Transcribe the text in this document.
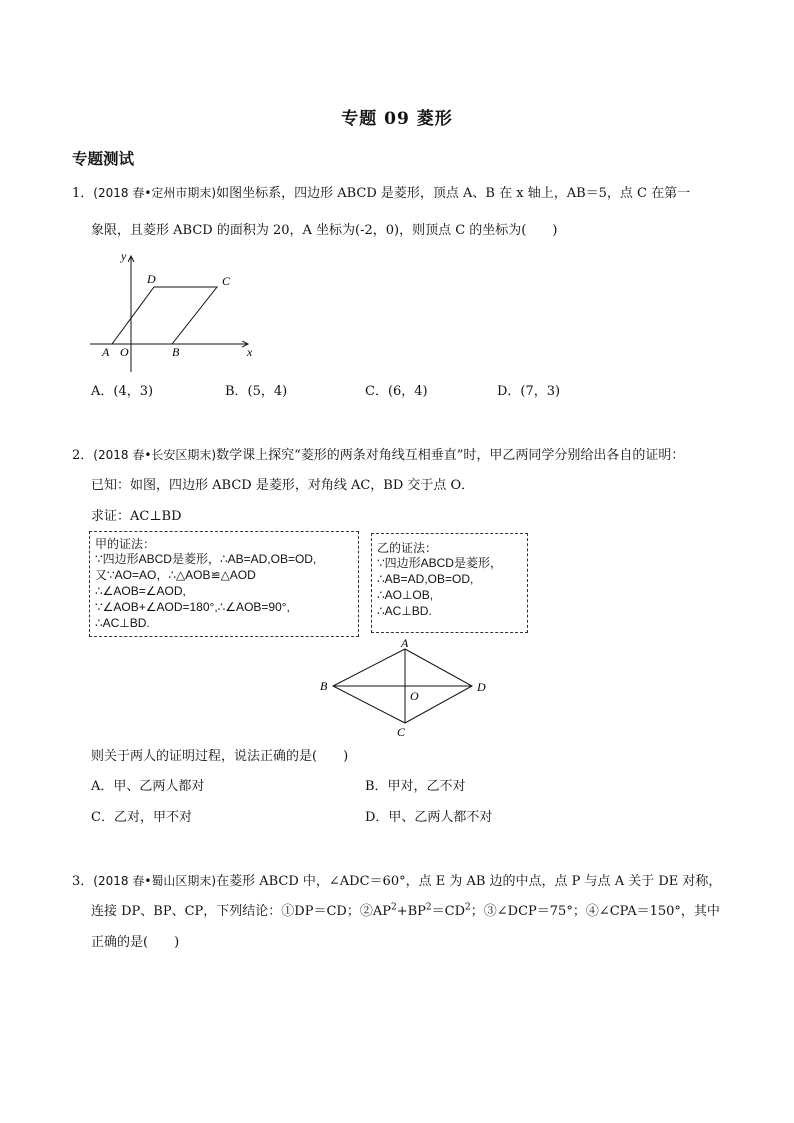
专题 09 菱形
专题测试
1．(2018 春•定州市期末)如图坐标系，四边形 ABCD 是菱形，顶点 A、B 在 x 轴上，AB＝5，点 C 在第一
象限，且菱形 ABCD 的面积为 20，A 坐标为(-2，0)，则顶点 C 的坐标为(　　)
y
x
D	C
A O	B
A．(4，3)	B．(5，4)	C．(6，4)	D．(7，3)
2．(2018 春•长安区期末)数学课上探究“菱形的两条对角线互相垂直”时，甲乙两同学分别给出各自的证明：
已知：如图，四边形 ABCD 是菱形，对角线 AC，BD 交于点 O．
求证：AC⊥BD
甲的证法：
∵四边形ABCD是菱形，∴AB=AD,OB=OD,
又∵AO=AO，∴△AOB≌△AOD
∴∠AOB=∠AOD,
∵∠AOB+∠AOD=180°,∴∠AOB=90°,
∴AC⊥BD.
乙的证法：
∵四边形ABCD是菱形，
∴AB=AD,OB=OD,
∴AO⊥OB,
∴AC⊥BD.
A
B
C
D
O
则关于两人的证明过程，说法正确的是(　　)
A．甲、乙两人都对	B．甲对，乙不对
C．乙对，甲不对	D．甲、乙两人都不对
3．(2018 春•蜀山区期末)在菱形 ABCD 中，∠ADC＝60°，点 E 为 AB 边的中点，点 P 与点 A 关于 DE 对称，
连接 DP、BP、CP，下列结论：①DP＝CD；$②AP^2+BP^2=CD^2$；③∠DCP＝75°；④∠CPA＝150°，其中
正确的是(　　)
